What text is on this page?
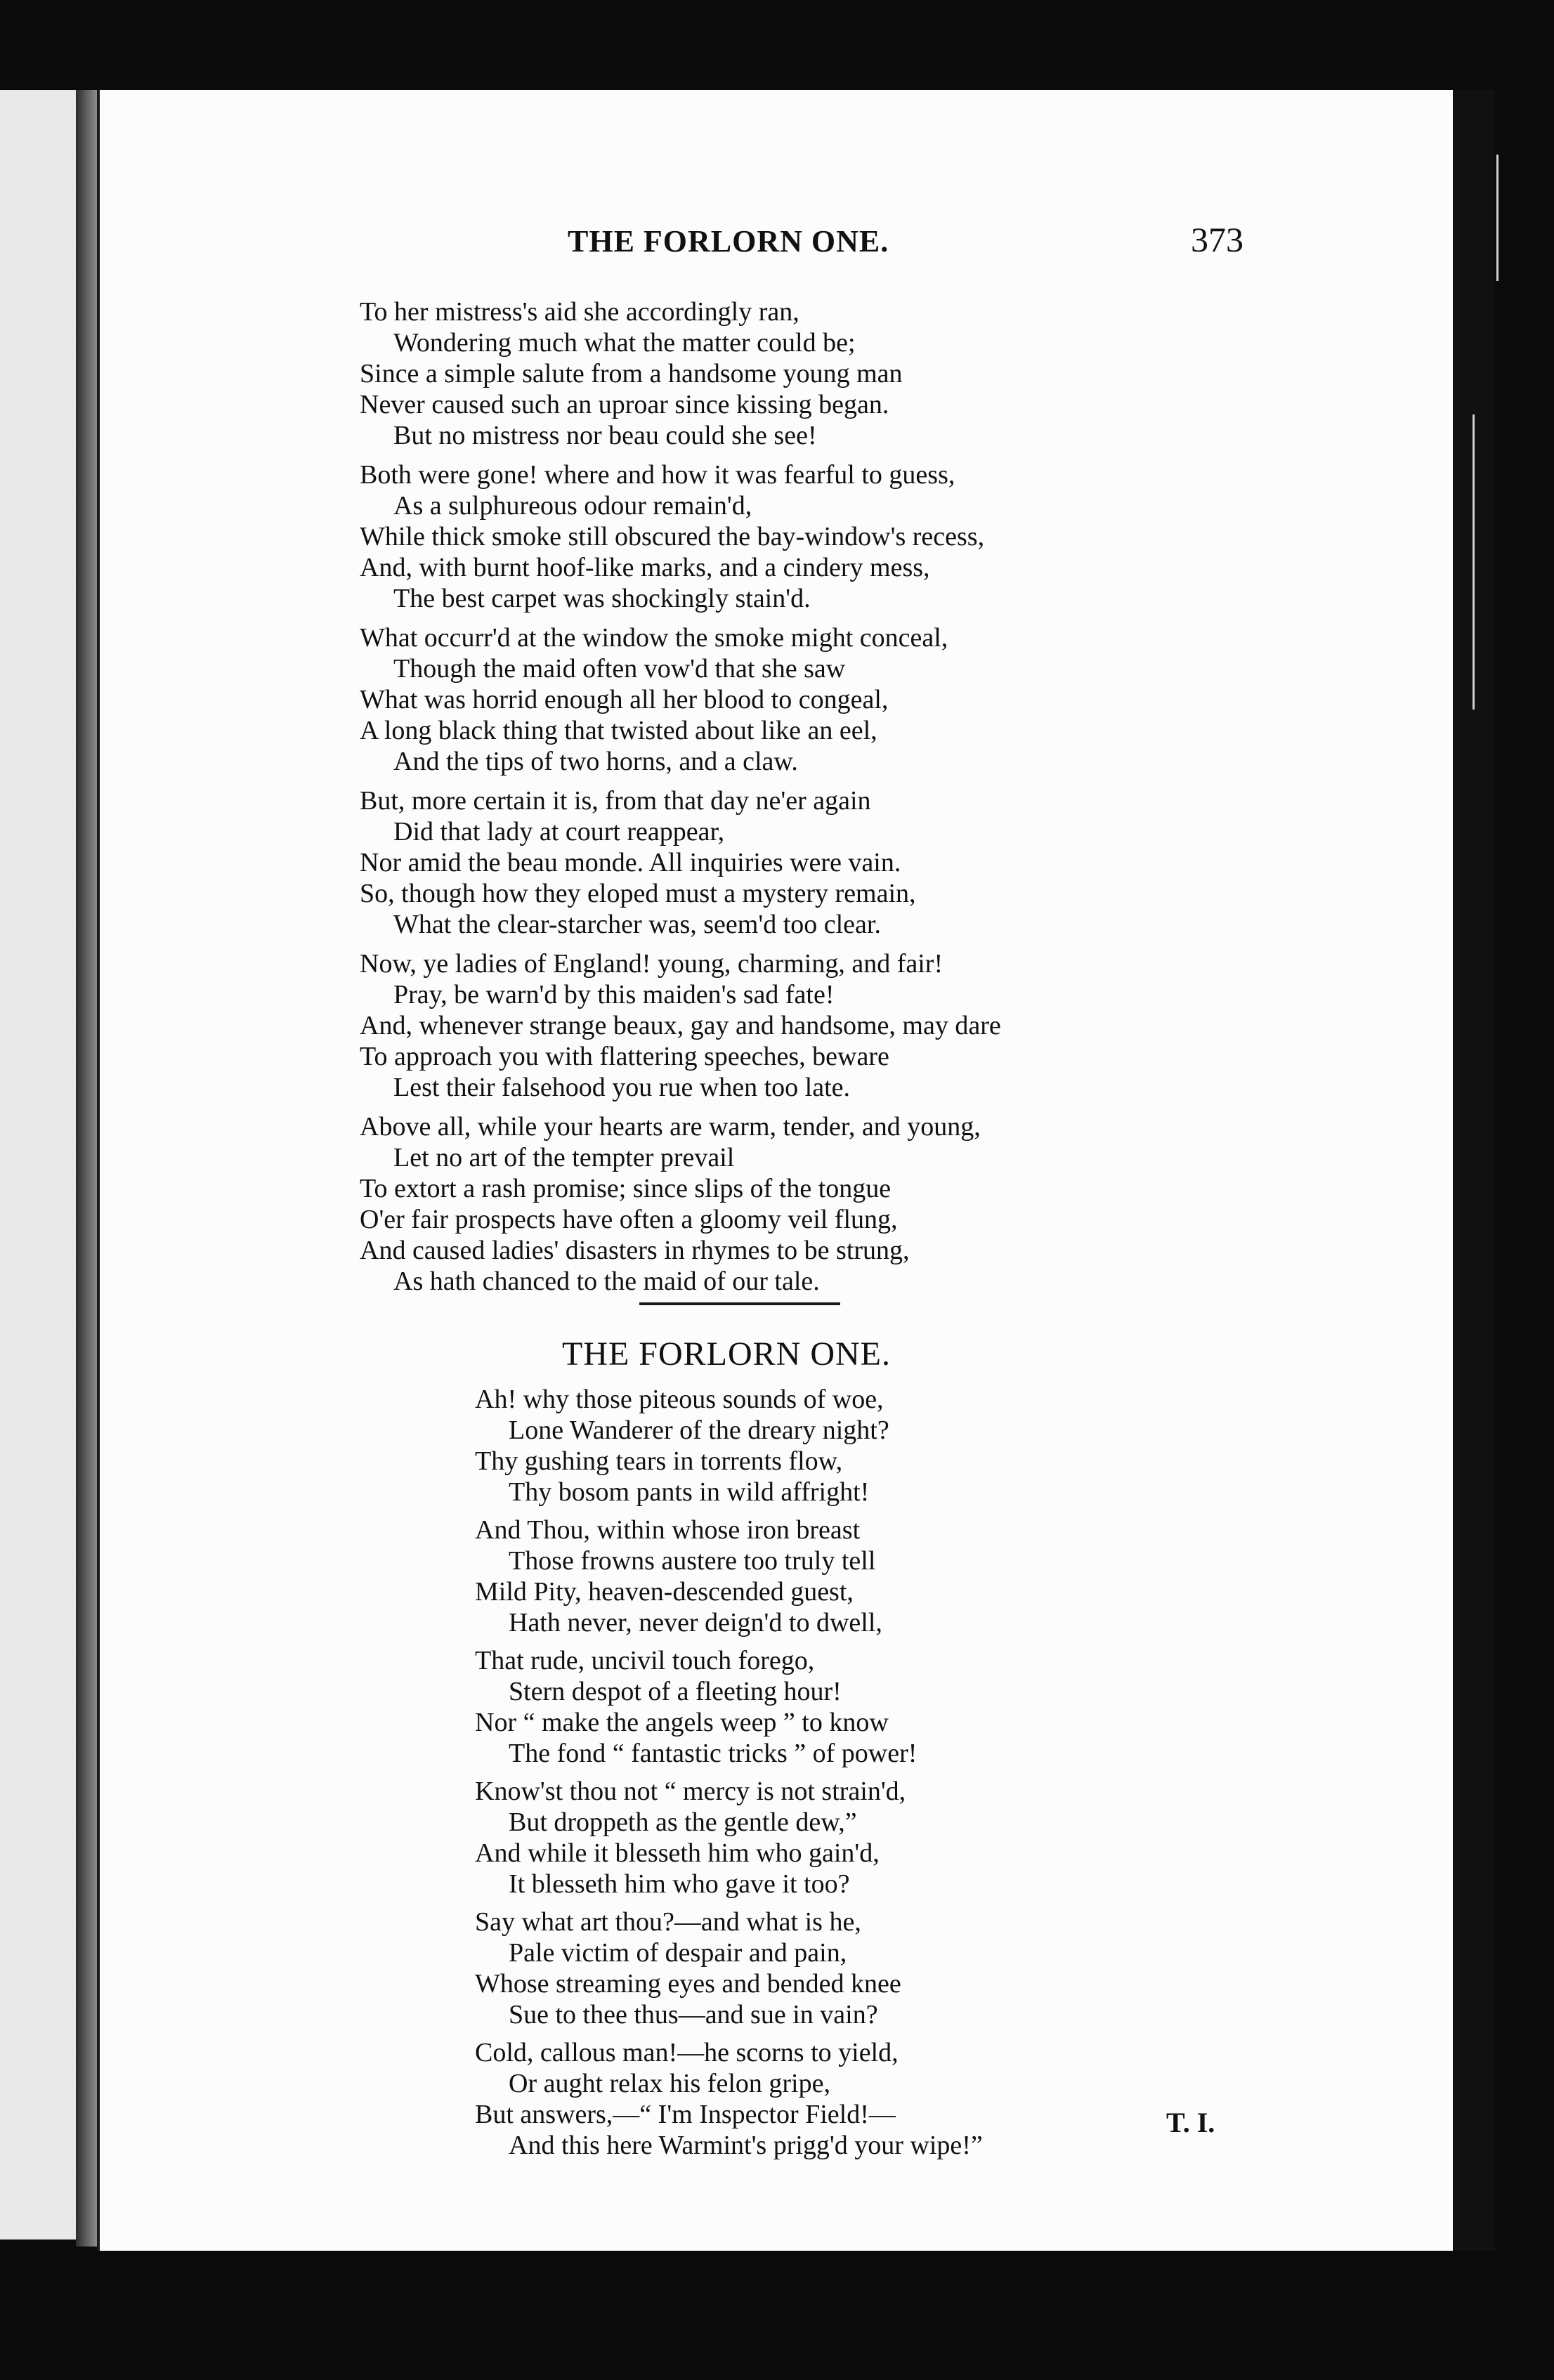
THE FORLORN ONE.	373
To her mistress's aid she accordingly ran,
Wondering much what the matter could be;
Since a simple salute from a handsome young man
Never caused such an uproar since kissing began.
But no mistress nor beau could she see!
Both were gone! where and how it was fearful to guess,
As a sulphureous odour remain'd,
While thick smoke still obscured the bay-window's recess,
And, with burnt hoof-like marks, and a cindery mess,
The best carpet was shockingly stain'd.
What occurr'd at the window the smoke might conceal,
Though the maid often vow'd that she saw
What was horrid enough all her blood to congeal,
A long black thing that twisted about like an eel,
And the tips of two horns, and a claw.
But, more certain it is, from that day ne'er again
Did that lady at court reappear,
Nor amid the beau monde. All inquiries were vain.
So, though how they eloped must a mystery remain,
What the clear-starcher was, seem'd too clear.
Now, ye ladies of England! young, charming, and fair!
Pray, be warn'd by this maiden's sad fate!
And, whenever strange beaux, gay and handsome, may dare
To approach you with flattering speeches, beware
Lest their falsehood you rue when too late.
Above all, while your hearts are warm, tender, and young,
Let no art of the tempter prevail
To extort a rash promise; since slips of the tongue
O'er fair prospects have often a gloomy veil flung,
And caused ladies' disasters in rhymes to be strung,
As hath chanced to the maid of our tale.
THE FORLORN ONE.
Ah! why those piteous sounds of woe,
Lone Wanderer of the dreary night?
Thy gushing tears in torrents flow,
Thy bosom pants in wild affright!
And Thou, within whose iron breast
Those frowns austere too truly tell
Mild Pity, heaven-descended guest,
Hath never, never deign'd to dwell,
That rude, uncivil touch forego,
Stern despot of a fleeting hour!
Nor “ make the angels weep ” to know
The fond “ fantastic tricks ” of power!
Know'st thou not “ mercy is not strain'd,
But droppeth as the gentle dew,”
And while it blesseth him who gain'd,
It blesseth him who gave it too?
Say what art thou?—and what is he,
Pale victim of despair and pain,
Whose streaming eyes and bended knee
Sue to thee thus—and sue in vain?
Cold, callous man!—he scorns to yield,
Or aught relax his felon gripe,
But answers,—“ I'm Inspector Field!—
And this here Warmint's prigg'd your wipe!”
T. I.
